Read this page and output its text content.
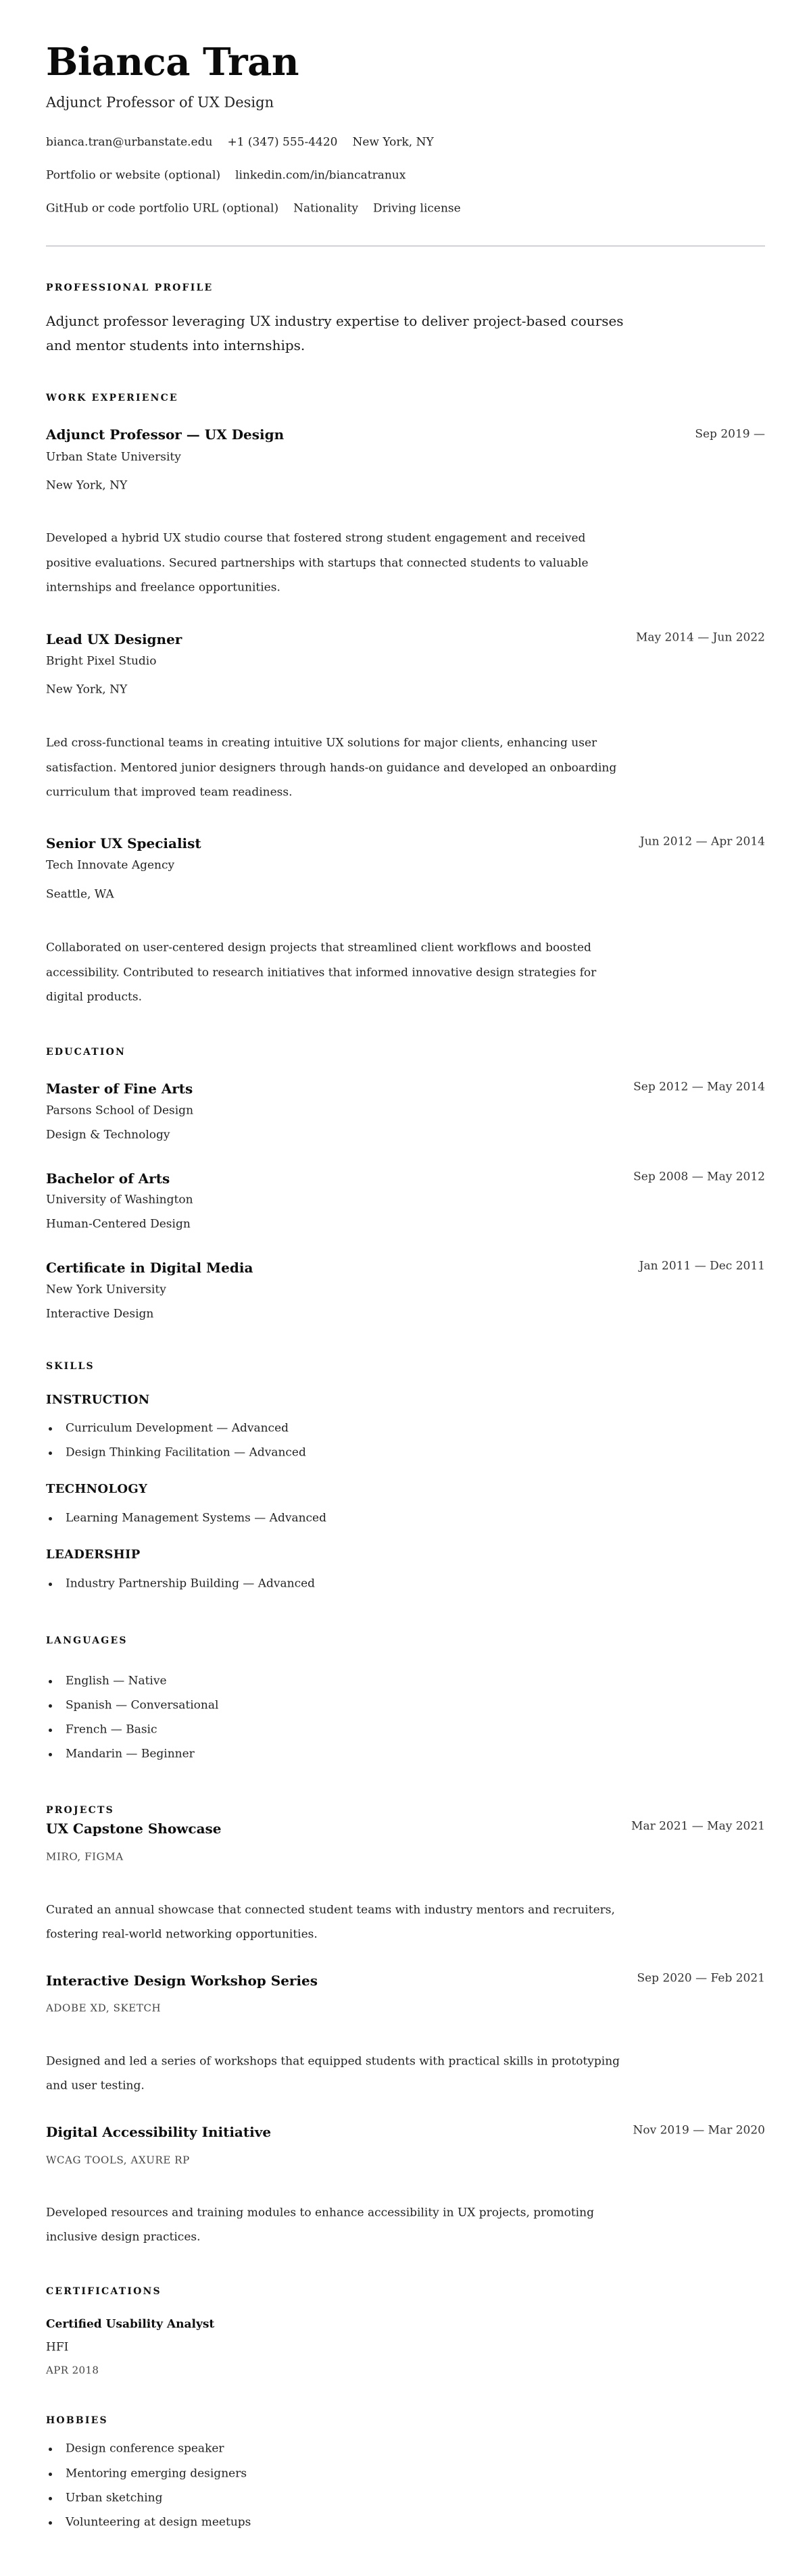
Bianca Tran
Adjunct Professor of UX Design
bianca.tran@urbanstate.edu +1 (347) 555-4420 New York, NY
Portfolio or website (optional) linkedin.com/in/biancatranux
GitHub or code portfolio URL (optional) Nationality Driving license
PROFESSIONAL PROFILE
Adjunct professor leveraging UX industry expertise to deliver project-based courses
and mentor students into internships.
WORK EXPERIENCE
Adjunct Professor — UX Design	Sep 2019 —
Urban State University
New York, NY
Developed a hybrid UX studio course that fostered strong student engagement and received
positive evaluations. Secured partnerships with startups that connected students to valuable
internships and freelance opportunities.
Lead UX Designer	May 2014 — Jun 2022
Bright Pixel Studio
New York, NY
Led cross-functional teams in creating intuitive UX solutions for major clients, enhancing user
satisfaction. Mentored junior designers through hands-on guidance and developed an onboarding
curriculum that improved team readiness.
Senior UX Specialist	Jun 2012 — Apr 2014
Tech Innovate Agency
Seattle, WA
Collaborated on user-centered design projects that streamlined client workflows and boosted
accessibility. Contributed to research initiatives that informed innovative design strategies for
digital products.
EDUCATION
Master of Fine Arts	Sep 2012 — May 2014
Parsons School of Design
Design & Technology
Bachelor of Arts	Sep 2008 — May 2012
University of Washington
Human-Centered Design
Certificate in Digital Media	Jan 2011 — Dec 2011
New York University
Interactive Design
SKILLS
INSTRUCTION
Curriculum Development — Advanced
Design Thinking Facilitation — Advanced
TECHNOLOGY
Learning Management Systems — Advanced
LEADERSHIP
Industry Partnership Building — Advanced
LANGUAGES
English — Native
Spanish — Conversational
French — Basic
Mandarin — Beginner
PROJECTS
UX Capstone Showcase	Mar 2021 — May 2021
MIRO, FIGMA
Curated an annual showcase that connected student teams with industry mentors and recruiters,
fostering real-world networking opportunities.
Interactive Design Workshop Series	Sep 2020 — Feb 2021
ADOBE XD, SKETCH
Designed and led a series of workshops that equipped students with practical skills in prototyping
and user testing.
Digital Accessibility Initiative	Nov 2019 — Mar 2020
WCAG TOOLS, AXURE RP
Developed resources and training modules to enhance accessibility in UX projects, promoting
inclusive design practices.
CERTIFICATIONS
Certified Usability Analyst
HFI
APR 2018
HOBBIES
Design conference speaker
Mentoring emerging designers
Urban sketching
Volunteering at design meetups
